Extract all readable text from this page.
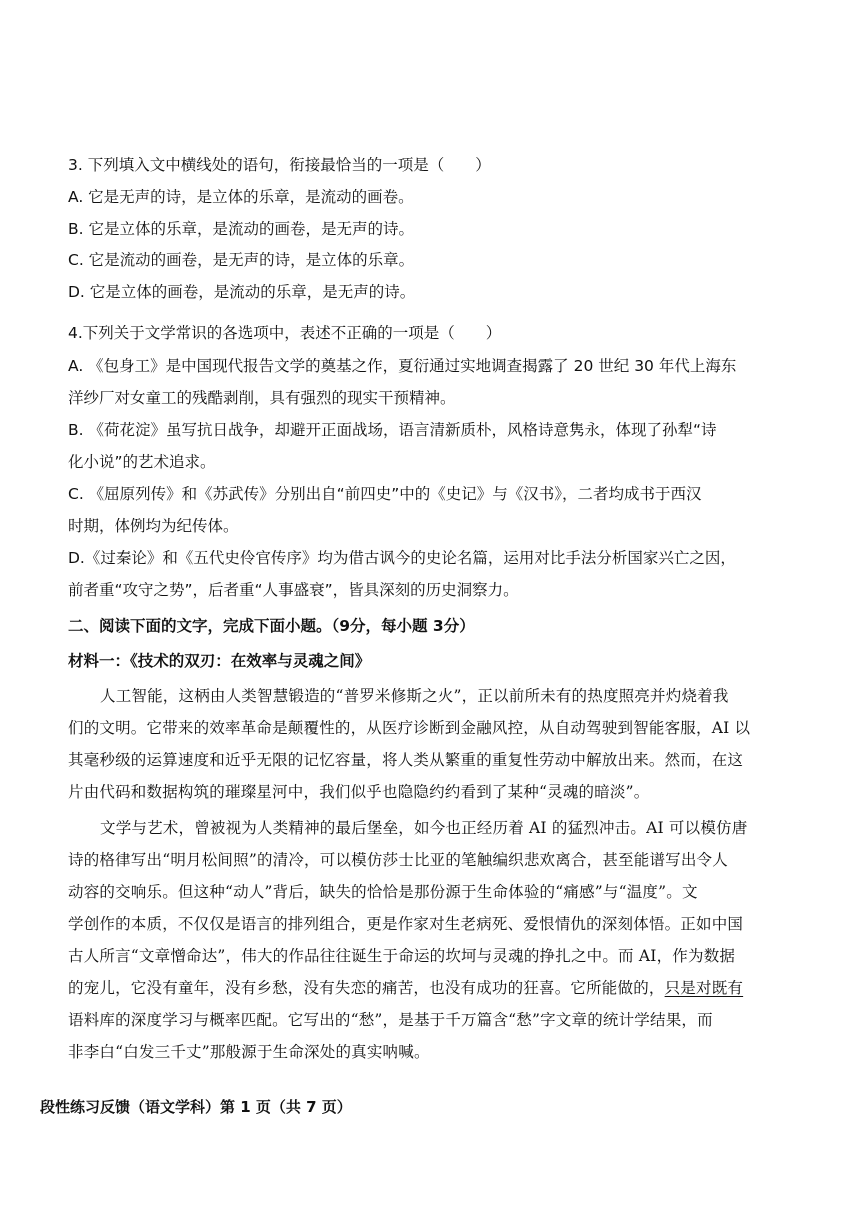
3. 下列填入文中横线处的语句，衔接最恰当的一项是（　　）
A. 它是无声的诗，是立体的乐章，是流动的画卷。
B. 它是立体的乐章，是流动的画卷，是无声的诗。
C. 它是流动的画卷，是无声的诗，是立体的乐章。
D. 它是立体的画卷，是流动的乐章，是无声的诗。
4.下列关于文学常识的各选项中，表述不正确的一项是（　　）
A. 《包身工》是中国现代报告文学的奠基之作，夏衍通过实地调查揭露了 20 世纪 30 年代上海东
洋纱厂对女童工的残酷剥削，具有强烈的现实干预精神。
B. 《荷花淀》虽写抗日战争，却避开正面战场，语言清新质朴，风格诗意隽永，体现了孙犁“诗
化小说”的艺术追求。
C. 《屈原列传》和《苏武传》分别出自“前四史”中的《史记》与《汉书》，二者均成书于西汉
时期，体例均为纪传体。
D.《过秦论》和《五代史伶官传序》均为借古讽今的史论名篇，运用对比手法分析国家兴亡之因，
前者重“攻守之势”，后者重“人事盛衰”，皆具深刻的历史洞察力。
二、阅读下面的文字，完成下面小题。（9分，每小题 3分）
材料一：《技术的双刃：在效率与灵魂之间》
人工智能，这柄由人类智慧锻造的“普罗米修斯之火”，正以前所未有的热度照亮并灼烧着我
们的文明。它带来的效率革命是颠覆性的，从医疗诊断到金融风控，从自动驾驶到智能客服，AI 以
其毫秒级的运算速度和近乎无限的记忆容量，将人类从繁重的重复性劳动中解放出来。然而，在这
片由代码和数据构筑的璀璨星河中，我们似乎也隐隐约约看到了某种“灵魂的暗淡”。
文学与艺术，曾被视为人类精神的最后堡垒，如今也正经历着 AI 的猛烈冲击。AI 可以模仿唐
诗的格律写出“明月松间照”的清冷，可以模仿莎士比亚的笔触编织悲欢离合，甚至能谱写出令人
动容的交响乐。但这种“动人”背后，缺失的恰恰是那份源于生命体验的“痛感”与“温度”。文
学创作的本质，不仅仅是语言的排列组合，更是作家对生老病死、爱恨情仇的深刻体悟。正如中国
古人所言“文章憎命达”，伟大的作品往往诞生于命运的坎坷与灵魂的挣扎之中。而 AI，作为数据
的宠儿，它没有童年，没有乡愁，没有失恋的痛苦，也没有成功的狂喜。它所能做的，只是对既有
语料库的深度学习与概率匹配。它写出的“愁”，是基于千万篇含“愁”字文章的统计学结果，而
非李白“白发三千丈”那般源于生命深处的真实呐喊。
段性练习反馈（语文学科）第 1 页（共 7 页）
